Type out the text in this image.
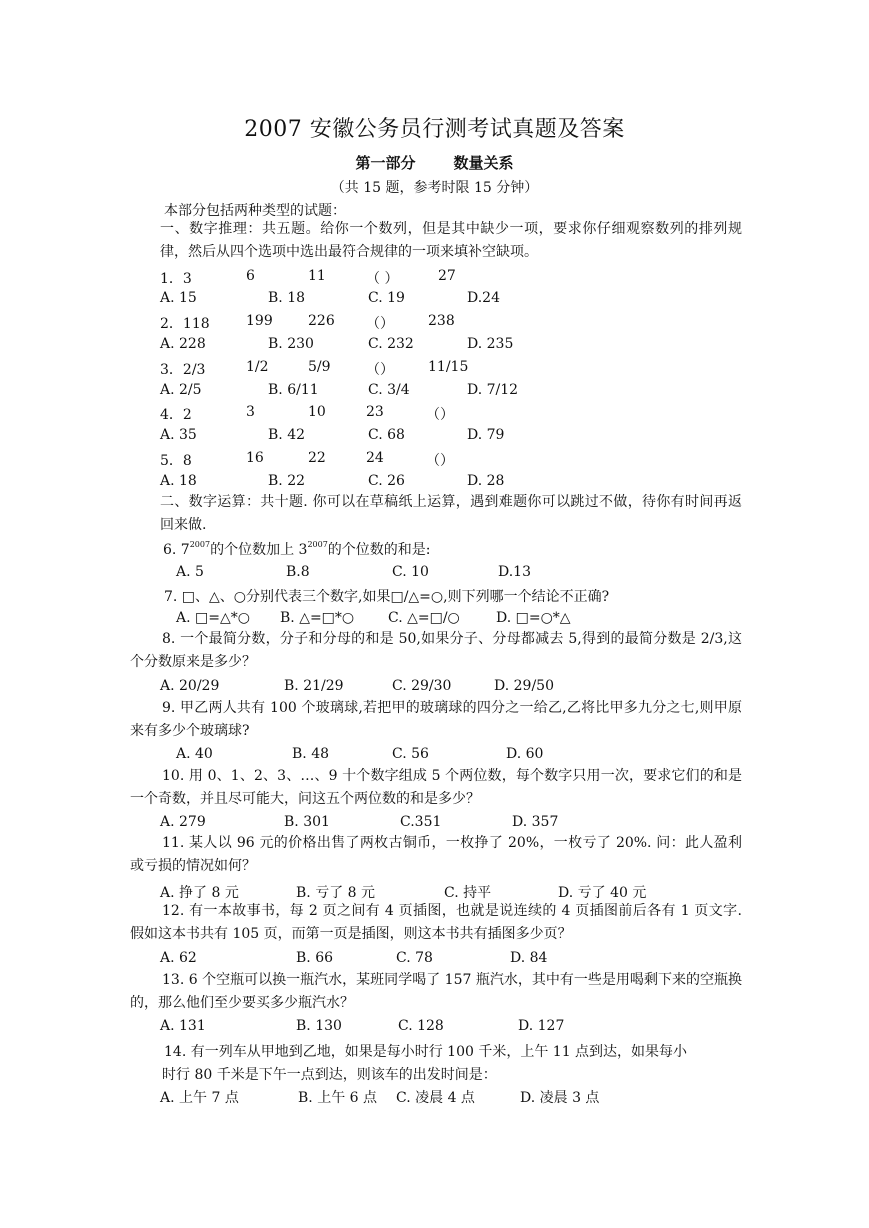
2007 安徽公务员行测考试真题及答案
第一部分	数量关系
（共 15 题，参考时限 15 分钟）
本部分包括两种类型的试题：
一、数字推理：共五题。给你一个数列，但是其中缺少一项，要求你仔细观察数列的排列规律，然后从四个选项中选出最符合规律的一项来填补空缺项。
1．3	6	11	（ ）	27
A. 15	B. 18	C. 19	D.24
2．118	199	226 （） 238
A. 228	B. 230	C. 232	D. 235
3．2/3	1/2	5/9	（） 11/15
A. 2/5	B. 6/11	C. 3/4	D. 7/12
4．2	3	10	23	（）
A. 35	B. 42	C. 68	D. 79
5．8	16	22	24	（）
A. 18	B. 22	C. 26	D. 28
二、数字运算：共十题. 你可以在草稿纸上运算，遇到难题你可以跳过不做，待你有时间再返回来做.
6. $7^{2007}$的个位数加上 $3^{2007}$的个位数的和是:
A. 5	B.8	C. 10	D.13
7. □、△、○分别代表三个数字,如果□/△=○,则下列哪一个结论不正确?
A. □=△*○ B. △=□*○ C. △=□/○	D. □=○*△
8. 一个最简分数，分子和分母的和是 50,如果分子、分母都减去 5,得到的最简分数是 2/3,这个分数原来是多少？
A. 20/29	B. 21/29	C. 29/30	D. 29/50
9. 甲乙两人共有 100 个玻璃球,若把甲的玻璃球的四分之一给乙,乙将比甲多九分之七,则甲原来有多少个玻璃球?
A. 40	B. 48	C. 56	D. 60
10. 用 0、1、2、3、…、9 十个数字组成 5 个两位数，每个数字只用一次，要求它们的和是一个奇数，并且尽可能大，问这五个两位数的和是多少？
A. 279	B. 301	C.351	D. 357
11. 某人以 96 元的价格出售了两枚古铜币，一枚挣了 20%，一枚亏了 20%. 问：此人盈利或亏损的情况如何？
A. 挣了 8 元	B. 亏了 8 元	C. 持平	D. 亏了 40 元
12. 有一本故事书，每 2 页之间有 4 页插图，也就是说连续的 4 页插图前后各有 1 页文字. 假如这本书共有 105 页，而第一页是插图，则这本书共有插图多少页？
A. 62	B. 66	C. 78	D. 84
13. 6 个空瓶可以换一瓶汽水，某班同学喝了 157 瓶汽水，其中有一些是用喝剩下来的空瓶换的，那么他们至少要买多少瓶汽水？
A. 131	B. 130	C. 128	D. 127
14. 有一列车从甲地到乙地，如果是每小时行 100 千米，上午 11 点到达，如果每小
时行 80 千米是下午一点到达，则该车的出发时间是：
A. 上午 7 点	B. 上午 6 点 C. 凌晨 4 点	D. 凌晨 3 点
